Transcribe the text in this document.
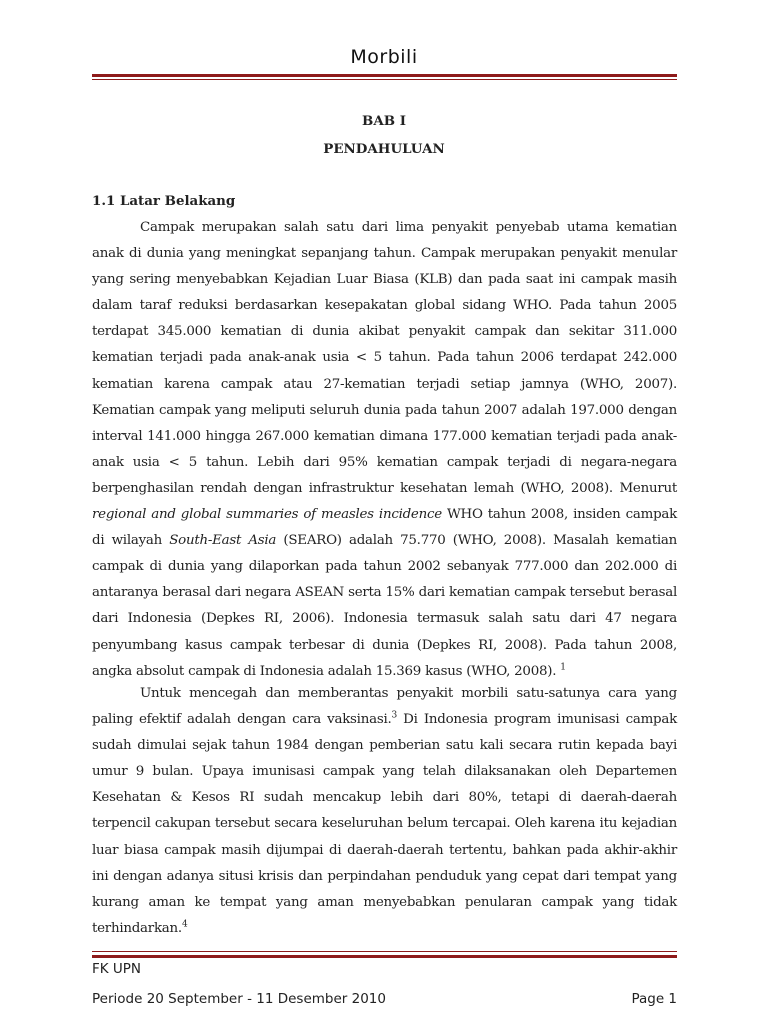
Morbili
BAB I
PENDAHULUAN
1.1 Latar Belakang

Campak merupakan salah satu dari lima penyakit penyebab utama kematian anak di dunia yang meningkat sepanjang tahun. Campak merupakan penyakit menular yang sering menyebabkan Kejadian Luar Biasa (KLB) dan pada saat ini campak masih dalam taraf reduksi berdasarkan kesepakatan global sidang WHO. Pada tahun 2005 terdapat 345.000 kematian di dunia akibat penyakit campak dan sekitar 311.000 kematian terjadi pada anak-anak usia < 5 tahun. Pada tahun 2006 terdapat 242.000 kematian karena campak atau 27-kematian terjadi setiap jamnya (WHO, 2007). Kematian campak yang meliputi seluruh dunia pada tahun 2007 adalah 197.000 dengan interval 141.000 hingga 267.000 kematian dimana 177.000 kematian terjadi pada anak-anak usia < 5 tahun. Lebih dari 95% kematian campak terjadi di negara-negara berpenghasilan rendah dengan infrastruktur kesehatan lemah (WHO, 2008). Menurut regional and global summaries of measles incidence WHO tahun 2008, insiden campak di wilayah South-East Asia (SEARO) adalah 75.770 (WHO, 2008). Masalah kematian campak di dunia yang dilaporkan pada tahun 2002 sebanyak 777.000 dan 202.000 di antaranya berasal dari negara ASEAN serta 15% dari kematian campak tersebut berasal dari Indonesia (Depkes RI, 2006). Indonesia termasuk salah satu dari 47 negara penyumbang kasus campak terbesar di dunia (Depkes RI, 2008). Pada tahun 2008, angka absolut campak di Indonesia adalah 15.369 kasus (WHO, 2008). $^1$

Untuk mencegah dan memberantas penyakit morbili satu-satunya cara yang paling efektif adalah dengan cara vaksinasi.$^3$ Di Indonesia program imunisasi campak sudah dimulai sejak tahun 1984 dengan pemberian satu kali secara rutin kepada bayi umur 9 bulan. Upaya imunisasi campak yang telah dilaksanakan oleh Departemen Kesehatan & Kesos RI sudah mencakup lebih dari 80%, tetapi di daerah-daerah terpencil cakupan tersebut secara keseluruhan belum tercapai. Oleh karena itu kejadian luar biasa campak masih dijumpai di daerah-daerah tertentu, bahkan pada akhir-akhir ini dengan adanya situsi krisis dan perpindahan penduduk yang cepat dari tempat yang kurang aman ke tempat yang aman menyebabkan penularan campak yang tidak terhindarkan.$^4$

FK UPN
Periode 20 September - 11 Desember 2010	Page 1
